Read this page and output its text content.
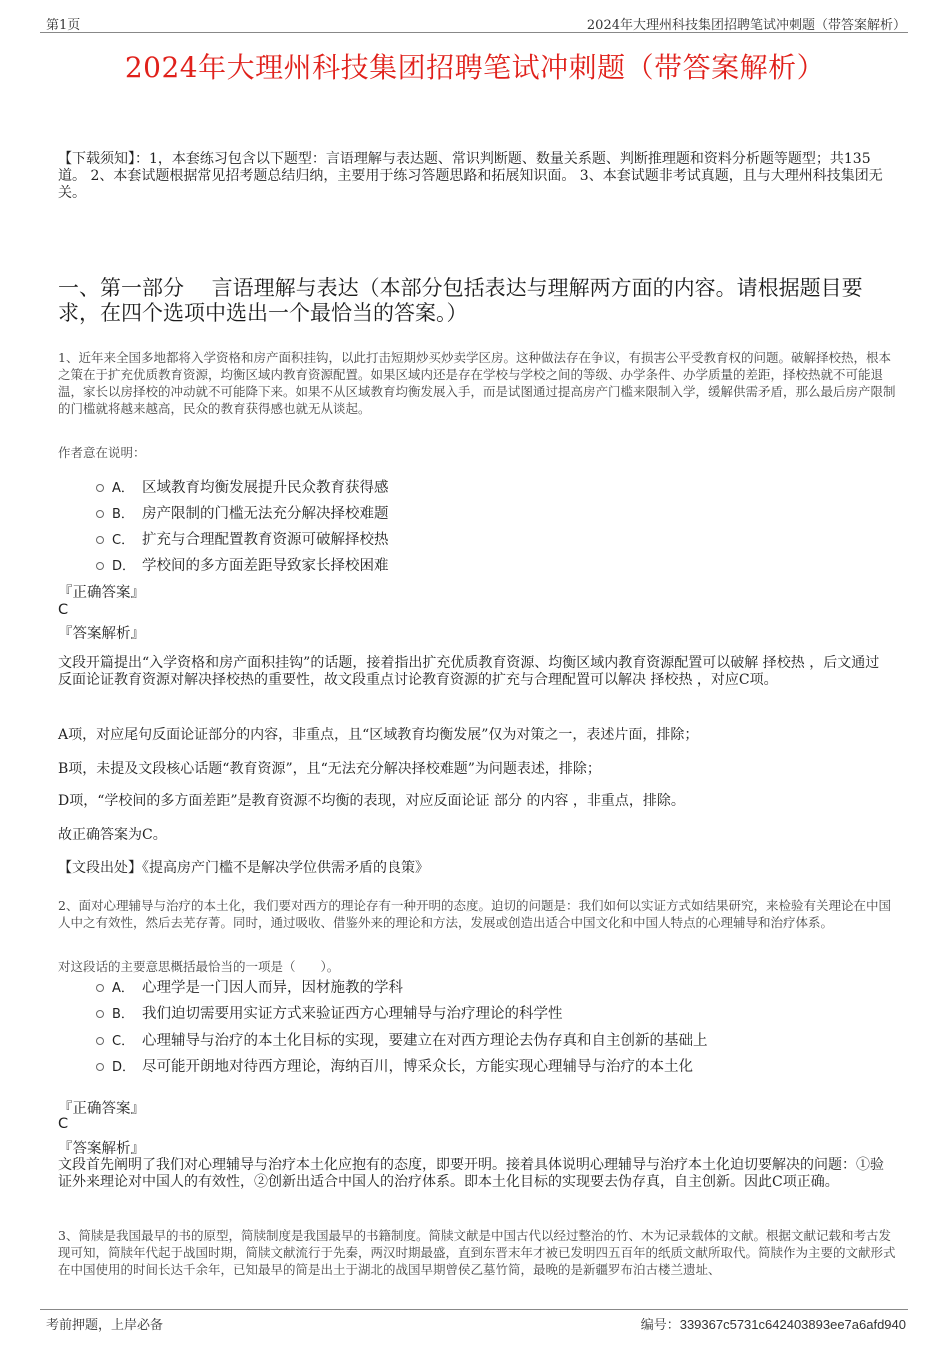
第1页	2024年大理州科技集团招聘笔试冲刺题（带答案解析）
2024年大理州科技集团招聘笔试冲刺题（带答案解析）
【下载须知】：1，本套练习包含以下题型：言语理解与表达题、常识判断题、数量关系题、判断推理题和资料分析题等题型；共135道。 2、本套试题根据常见招考题总结归纳，主要用于练习答题思路和拓展知识面。 3、本套试题非考试真题，且与大理州科技集团无关。
一、第一部分　 言语理解与表达（本部分包括表达与理解两方面的内容。请根据题目要求，在四个选项中选出一个最恰当的答案。）
1、近年来全国多地都将入学资格和房产面积挂钩，以此打击短期炒买炒卖学区房。这种做法存在争议，有损害公平受教育权的问题。破解择校热，根本之策在于扩充优质教育资源，均衡区域内教育资源配置。如果区域内还是存在学校与学校之间的等级、办学条件、办学质量的差距，择校热就不可能退温，家长以房择校的冲动就不可能降下来。如果不从区域教育均衡发展入手，而是试图通过提高房产门槛来限制入学，缓解供需矛盾，那么最后房产限制的门槛就将越来越高，民众的教育获得感也就无从谈起。
作者意在说明：
A． 区域教育均衡发展提升民众教育获得感
B． 房产限制的门槛无法充分解决择校难题
C． 扩充与合理配置教育资源可破解择校热
D． 学校间的多方面差距导致家长择校困难
『正确答案』
C
『答案解析』
文段开篇提出“入学资格和房产面积挂钩”的话题，接着指出扩充优质教育资源、均衡区域内教育资源配置可以破解 择校热 ，后文通过反面论证教育资源对解决择校热的重要性，故文段重点讨论教育资源的扩充与合理配置可以解决 择校热 ，对应C项。
A项，对应尾句反面论证部分的内容，非重点，且“区域教育均衡发展”仅为对策之一，表述片面，排除；
B项，未提及文段核心话题“教育资源”，且“无法充分解决择校难题”为问题表述，排除；
D项，“学校间的多方面差距”是教育资源不均衡的表现，对应反面论证 部分 的内容 ，非重点，排除。
故正确答案为C。
【文段出处】《提高房产门槛不是解决学位供需矛盾的良策》
2、面对心理辅导与治疗的本土化，我们要对西方的理论存有一种开明的态度。迫切的问题是：我们如何以实证方式如结果研究，来检验有关理论在中国人中之有效性，然后去芜存菁。同时，通过吸收、借鉴外来的理论和方法，发展或创造出适合中国文化和中国人特点的心理辅导和治疗体系。
对这段话的主要意思概括最恰当的一项是（　　）。
A． 心理学是一门因人而异，因材施教的学科
B． 我们迫切需要用实证方式来验证西方心理辅导与治疗理论的科学性
C． 心理辅导与治疗的本土化目标的实现，要建立在对西方理论去伪存真和自主创新的基础上
D． 尽可能开朗地对待西方理论，海纳百川，博采众长，方能实现心理辅导与治疗的本土化
『正确答案』
C
『答案解析』
文段首先阐明了我们对心理辅导与治疗本土化应抱有的态度，即要开明。接着具体说明心理辅导与治疗本土化迫切要解决的问题：①验证外来理论对中国人的有效性，②创新出适合中国人的治疗体系。即本土化目标的实现要去伪存真，自主创新。因此C项正确。
3、简牍是我国最早的书的原型，简牍制度是我国最早的书籍制度。简牍文献是中国古代以经过整治的竹、木为记录载体的文献。根据文献记载和考古发现可知，简牍年代起于战国时期，简牍文献流行于先秦，两汉时期最盛，直到东晋末年才被已发明四五百年的纸质文献所取代。简牍作为主要的文献形式在中国使用的时间长达千余年，已知最早的简是出土于湖北的战国早期曾侯乙墓竹简，最晚的是新疆罗布泊古楼兰遗址、
考前押题，上岸必备	编号：339367c5731c642403893ee7a6afd940
